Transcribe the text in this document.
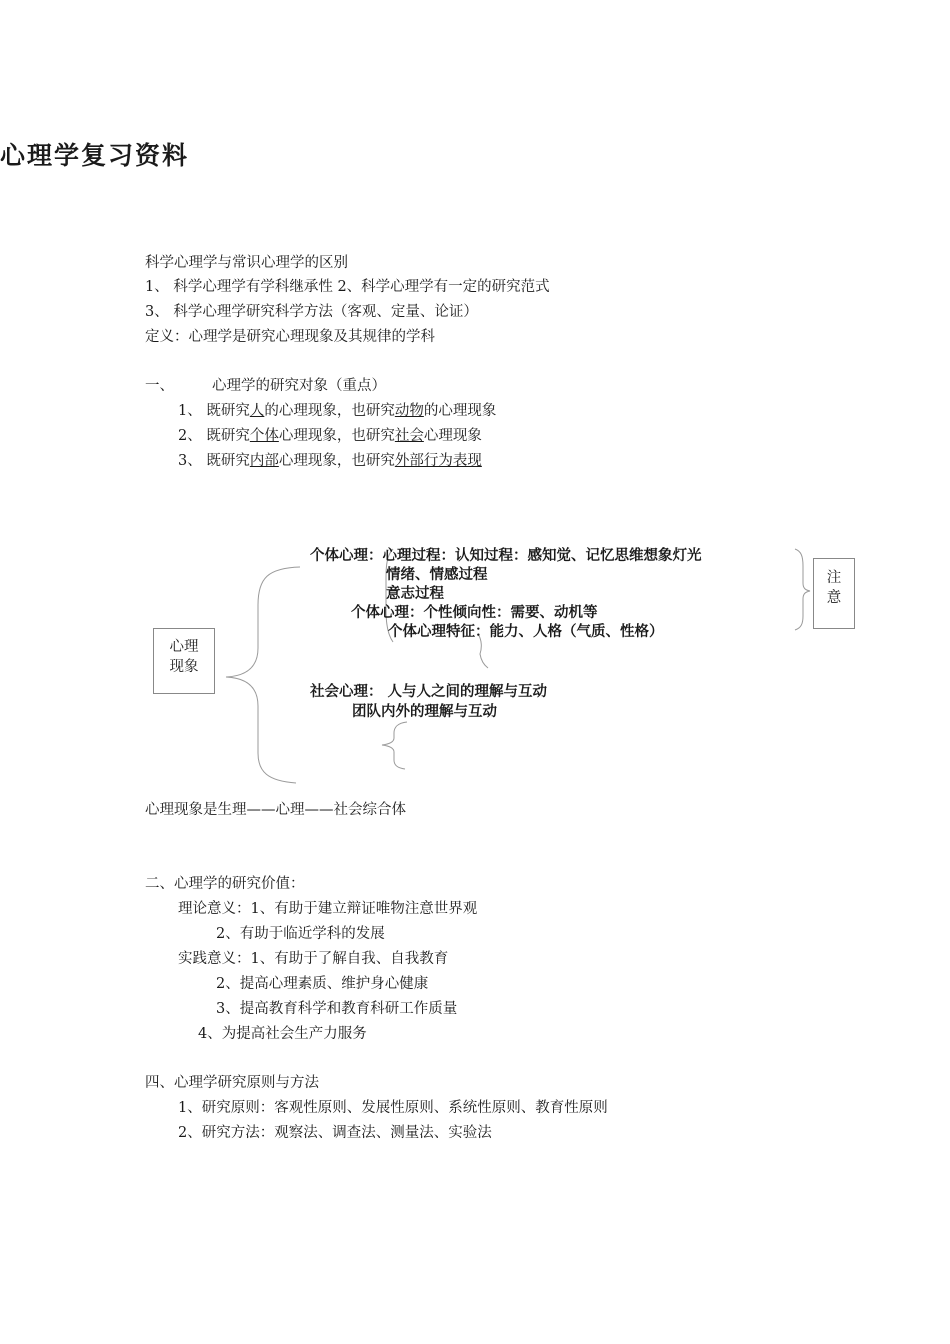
心理学复习资料
科学心理学与常识心理学的区别
1、 科学心理学有学科继承性 2、科学心理学有一定的研究范式
3、 科学心理学研究科学方法（客观、定量、论证）
定义：心理学是研究心理现象及其规律的学科
一、	心理学的研究对象（重点）
1、 既研究人的心理现象，也研究动物的心理现象
2、 既研究个体心理现象，也研究社会心理现象
3、 既研究内部心理现象，也研究外部行为表现
心理现象
注意
个体心理：心理过程：认知过程：感知觉、记忆思维想象灯光
情绪、情感过程
意志过程
个体心理：个性倾向性：需要、动机等
个体心理特征：能力、人格（气质、性格）
社会心理： 人与人之间的理解与互动
团队内外的理解与互动
心理现象是生理——心理——社会综合体
二、心理学的研究价值：
理论意义：1、有助于建立辩证唯物注意世界观
2、有助于临近学科的发展
实践意义：1、有助于了解自我、自我教育
2、提高心理素质、维护身心健康
3、提高教育科学和教育科研工作质量
4、为提高社会生产力服务
四、心理学研究原则与方法
1、研究原则：客观性原则、发展性原则、系统性原则、教育性原则
2、研究方法：观察法、调查法、测量法、实验法
